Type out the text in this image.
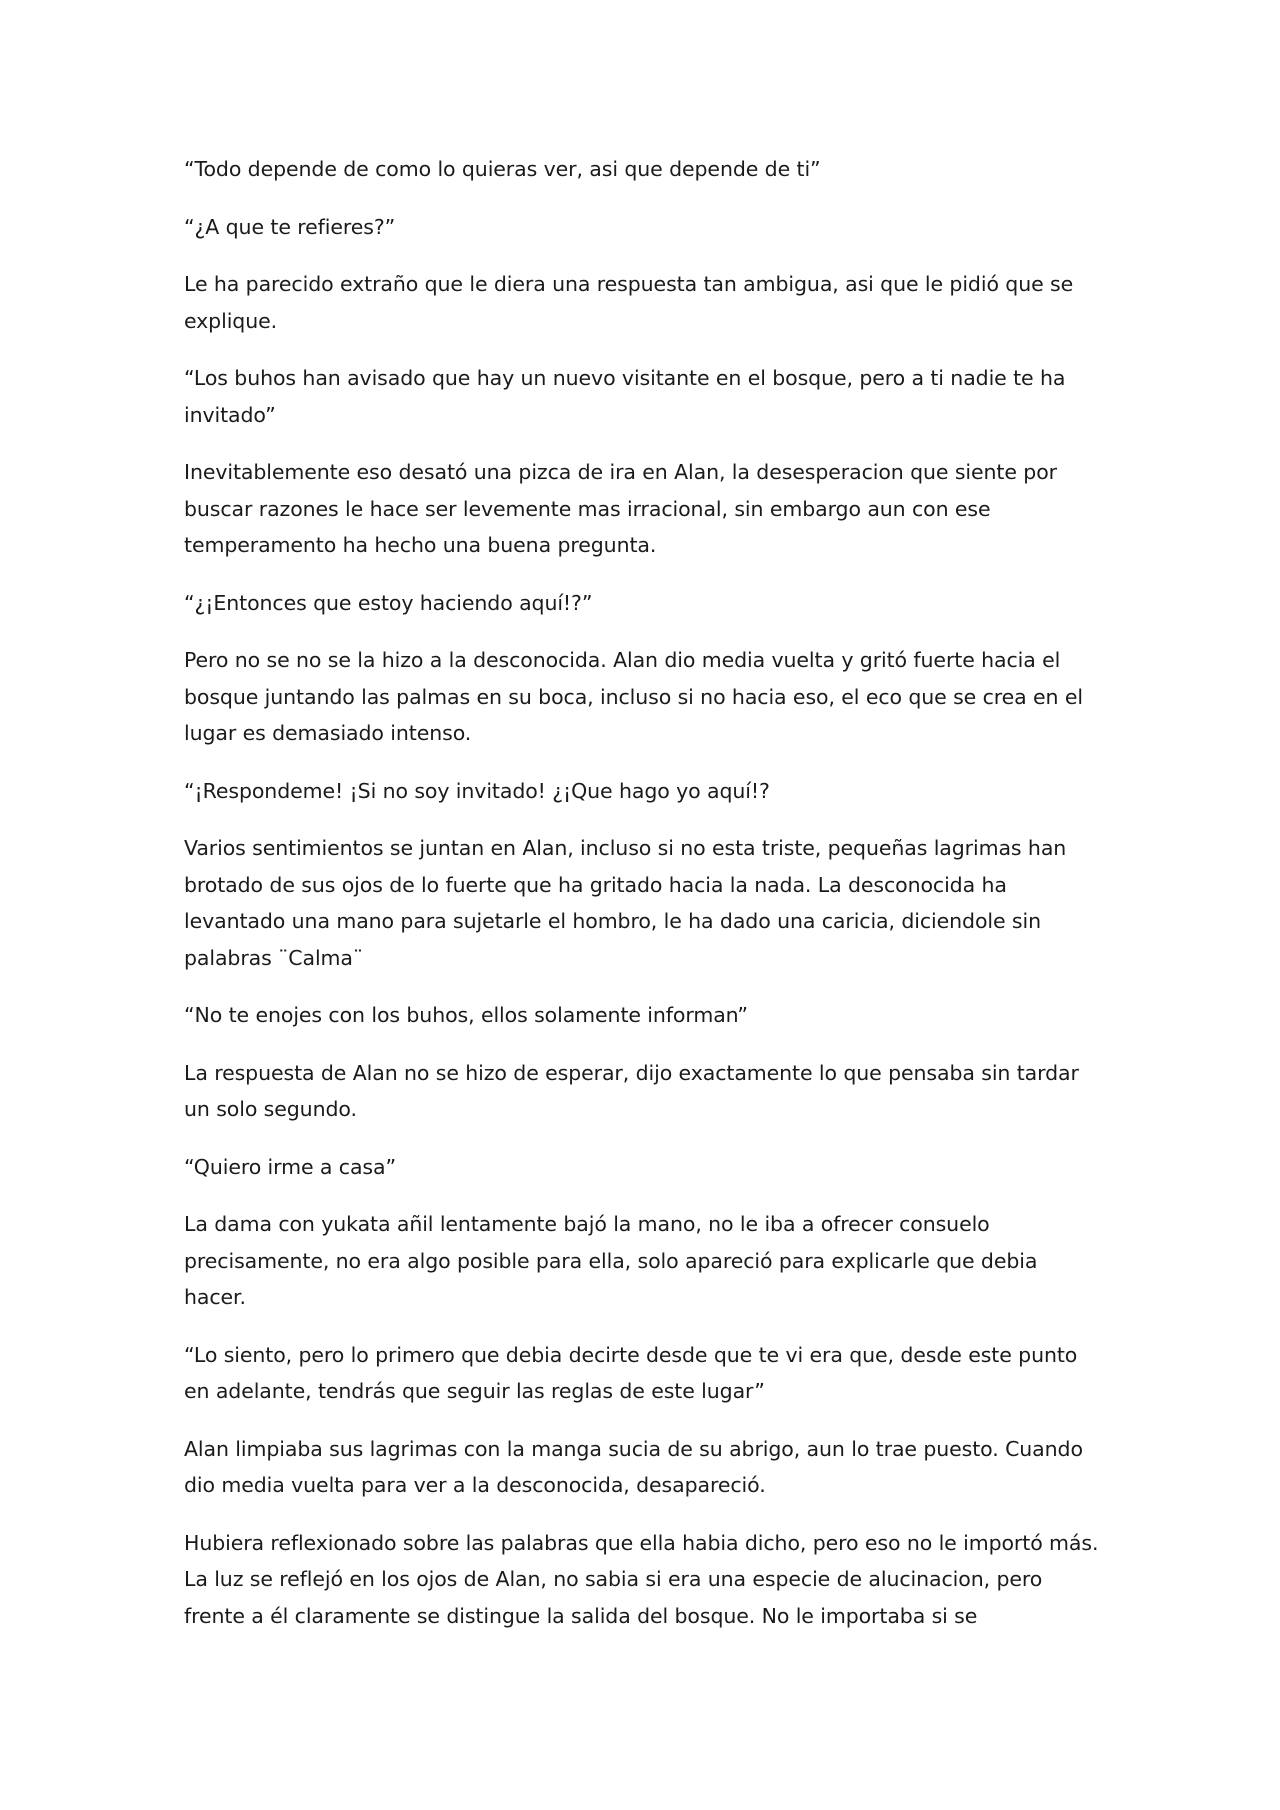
“Todo depende de como lo quieras ver, asi que depende de ti”

“¿A que te refieres?”

Le ha parecido extraño que le diera una respuesta tan ambigua, asi que le pidió que se explique.

“Los buhos han avisado que hay un nuevo visitante en el bosque, pero a ti nadie te ha invitado”

Inevitablemente eso desató una pizca de ira en Alan, la desesperacion que siente por buscar razones le hace ser levemente mas irracional, sin embargo aun con ese temperamento ha hecho una buena pregunta.

“¿¡Entonces que estoy haciendo aquí!?”

Pero no se no se la hizo a la desconocida. Alan dio media vuelta y gritó fuerte hacia el bosque juntando las palmas en su boca, incluso si no hacia eso, el eco que se crea en el lugar es demasiado intenso.

“¡Respondeme! ¡Si no soy invitado! ¿¡Que hago yo aquí!?

Varios sentimientos se juntan en Alan, incluso si no esta triste, pequeñas lagrimas han brotado de sus ojos de lo fuerte que ha gritado hacia la nada. La desconocida ha levantado una mano para sujetarle el hombro, le ha dado una caricia, diciendole sin palabras ¨Calma¨

“No te enojes con los buhos, ellos solamente informan”

La respuesta de Alan no se hizo de esperar, dijo exactamente lo que pensaba sin tardar un solo segundo.

“Quiero irme a casa”

La dama con yukata añil lentamente bajó la mano, no le iba a ofrecer consuelo precisamente, no era algo posible para ella, solo apareció para explicarle que debia hacer.

“Lo siento, pero lo primero que debia decirte desde que te vi era que, desde este punto en adelante, tendrás que seguir las reglas de este lugar”

Alan limpiaba sus lagrimas con la manga sucia de su abrigo, aun lo trae puesto. Cuando dio media vuelta para ver a la desconocida, desapareció.

Hubiera reflexionado sobre las palabras que ella habia dicho, pero eso no le importó más. La luz se reflejó en los ojos de Alan, no sabia si era una especie de alucinacion, pero frente a él claramente se distingue la salida del bosque. No le importaba si se
